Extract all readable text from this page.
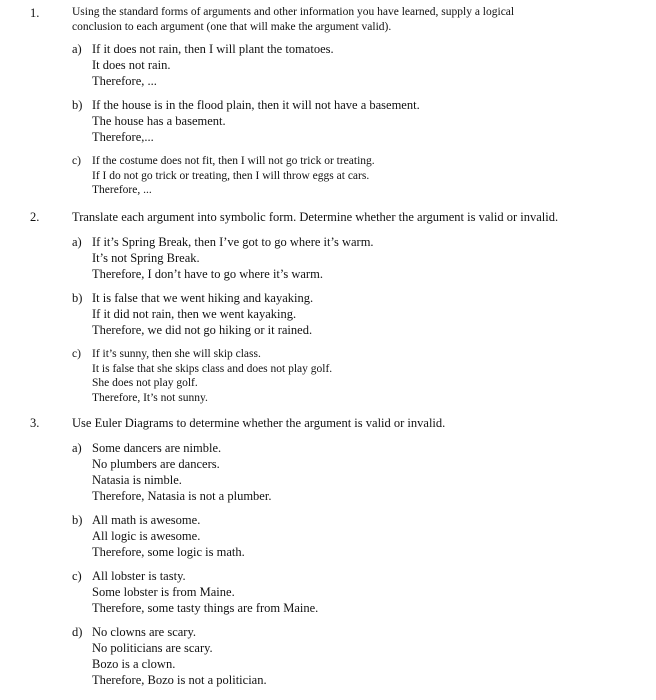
1.	Using the standard forms of arguments and other information you have learned, supply a logical
conclusion to each argument (one that will make the argument valid).
a) If it does not rain, then I will plant the tomatoes.
It does not rain.
Therefore, ...
b) If the house is in the flood plain, then it will not have a basement.
The house has a basement.
Therefore,...
c) If the costume does not fit, then I will not go trick or treating.
If I do not go trick or treating, then I will throw eggs at cars.
Therefore, ...
2.	Translate each argument into symbolic form. Determine whether the argument is valid or invalid.
a) If it’s Spring Break, then I’ve got to go where it’s warm.
It’s not Spring Break.
Therefore, I don’t have to go where it’s warm.
b) It is false that we went hiking and kayaking.
If it did not rain, then we went kayaking.
Therefore, we did not go hiking or it rained.
c) If it’s sunny, then she will skip class.
It is false that she skips class and does not play golf.
She does not play golf.
Therefore, It’s not sunny.
3.	Use Euler Diagrams to determine whether the argument is valid or invalid.
a) Some dancers are nimble.
No plumbers are dancers.
Natasia is nimble.
Therefore, Natasia is not a plumber.
b) All math is awesome.
All logic is awesome.
Therefore, some logic is math.
c) All lobster is tasty.
Some lobster is from Maine.
Therefore, some tasty things are from Maine.
d) No clowns are scary.
No politicians are scary.
Bozo is a clown.
Therefore, Bozo is not a politician.
